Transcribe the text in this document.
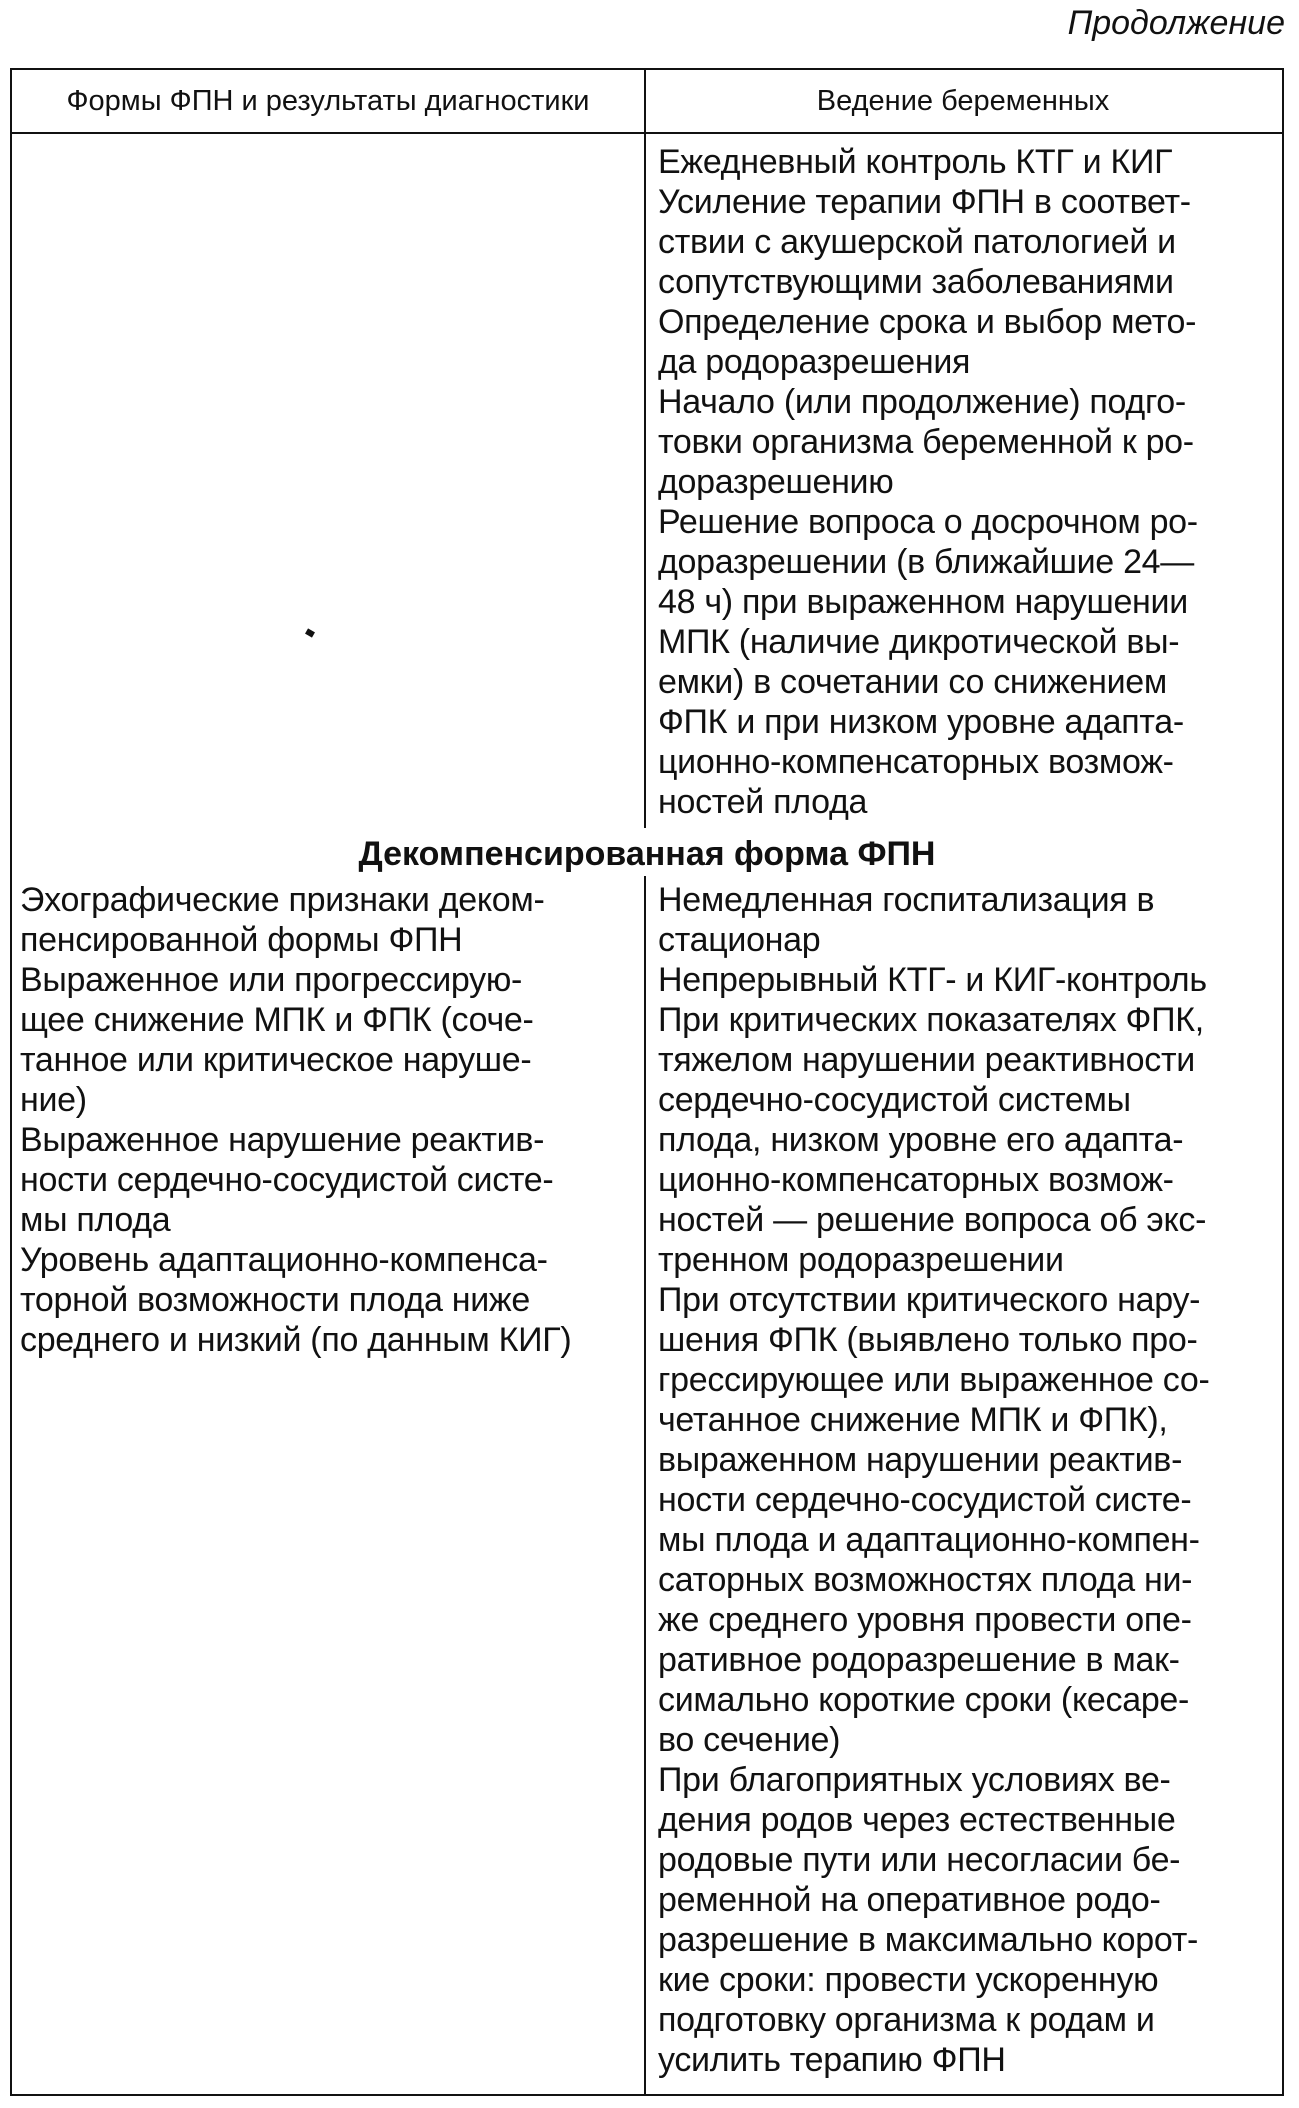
Продолжение
Формы ФПН и результаты диагностики	Ведение беременных
Ежедневный контроль КТГ и КИГ
Усиление терапии ФПН в соответ-
ствии с акушерской патологией и
сопутствующими заболеваниями
Определение срока и выбор мето-
да родоразрешения
Начало (или продолжение) подго-
товки организма беременной к ро-
доразрешению
Решение вопроса о досрочном ро-
доразрешении (в ближайшие 24—
48 ч) при выраженном нарушении
МПК (наличие дикротической вы-
емки) в сочетании со снижением
ФПК и при низком уровне адапта-
ционно-компенсаторных возмож-
ностей плода
Декомпенсированная форма ФПН
Эхографические признаки деком-
пенсированной формы ФПН
Выраженное или прогрессирую-
щее снижение МПК и ФПК (соче-
танное или критическое наруше-
ние)
Выраженное нарушение реактив-
ности сердечно-сосудистой систе-
мы плода
Уровень адаптационно-компенса-
торной возможности плода ниже
среднего и низкий (по данным КИГ)
Немедленная госпитализация в
стационар
Непрерывный КТГ- и КИГ-контроль
При критических показателях ФПК,
тяжелом нарушении реактивности
сердечно-сосудистой системы
плода, низком уровне его адапта-
ционно-компенсаторных возмож-
ностей — решение вопроса об экс-
тренном родоразрешении
При отсутствии критического нару-
шения ФПК (выявлено только про-
грессирующее или выраженное со-
четанное снижение МПК и ФПК),
выраженном нарушении реактив-
ности сердечно-сосудистой систе-
мы плода и адаптационно-компен-
саторных возможностях плода ни-
же среднего уровня провести опе-
ративное родоразрешение в мак-
симально короткие сроки (кесаре-
во сечение)
При благоприятных условиях ве-
дения родов через естественные
родовые пути или несогласии бе-
ременной на оперативное родо-
разрешение в максимально корот-
кие сроки: провести ускоренную
подготовку организма к родам и
усилить терапию ФПН
